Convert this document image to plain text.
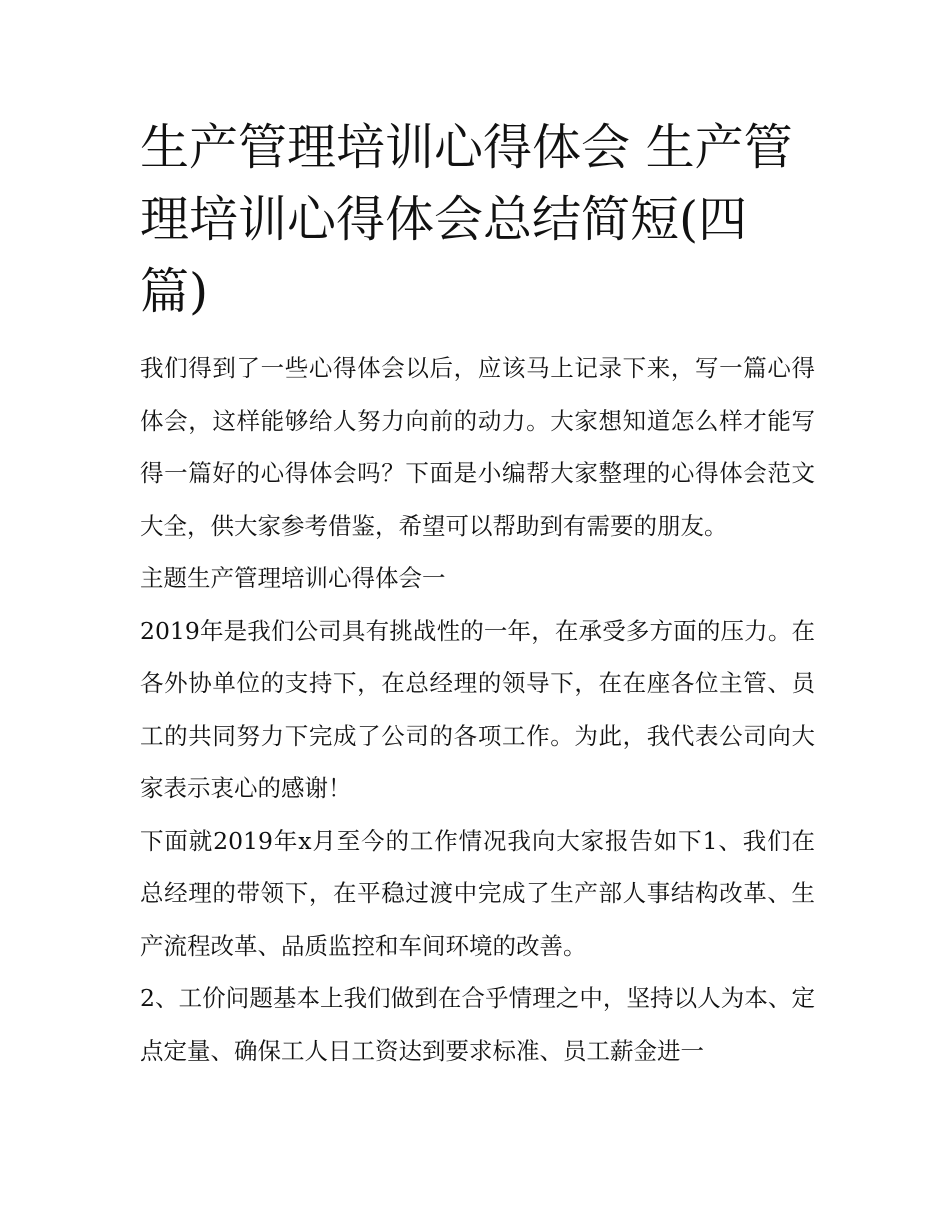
生产管理培训心得体会 生产管理培训心得体会总结简短(四篇)

我们得到了一些心得体会以后，应该马上记录下来，写一篇心得体会，这样能够给人努力向前的动力。大家想知道怎么样才能写得一篇好的心得体会吗？下面是小编帮大家整理的心得体会范文大全，供大家参考借鉴，希望可以帮助到有需要的朋友。

主题生产管理培训心得体会一

2019年是我们公司具有挑战性的一年，在承受多方面的压力。在各外协单位的支持下，在总经理的领导下，在在座各位主管、员工的共同努力下完成了公司的各项工作。为此，我代表公司向大家表示衷心的感谢！

下面就2019年x月至今的工作情况我向大家报告如下1、我们在总经理的带领下，在平稳过渡中完成了生产部人事结构改革、生产流程改革、品质监控和车间环境的改善。

2、工价问题基本上我们做到在合乎情理之中，坚持以人为本、定点定量、确保工人日工资达到要求标准、员工薪金进一
